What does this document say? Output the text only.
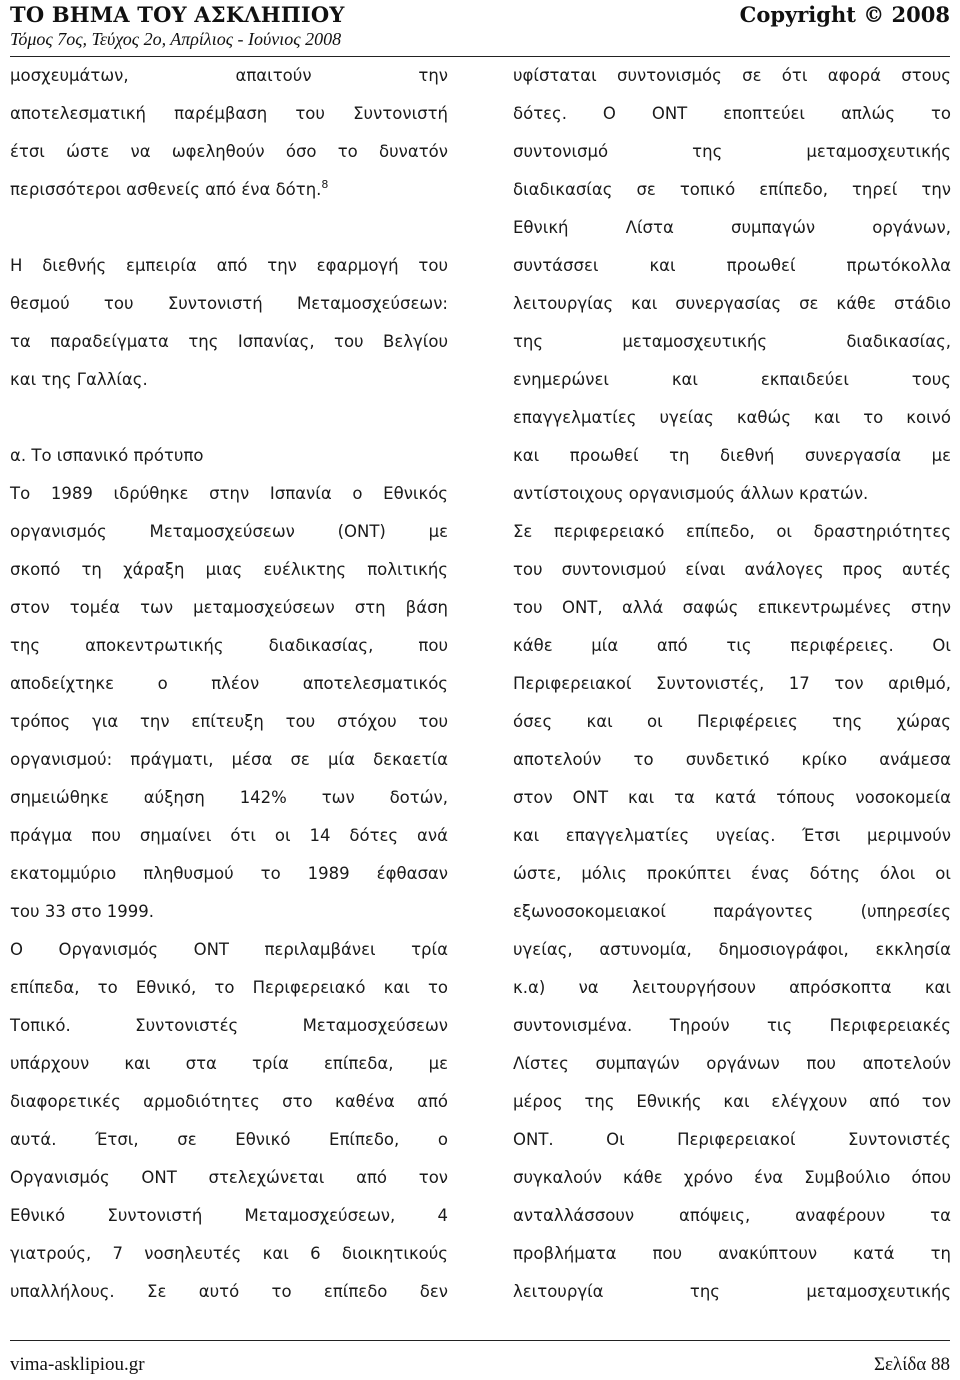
ΤΟ ΒΗΜΑ ΤΟΥ ΑΣΚΛΗΠΙΟΥ
Τόμος 7ος, Τεύχος 2ο, Απρίλιος - Ιούνιος 2008
Copyright © 2008
μοσχευμάτων, απαιτούν την
αποτελεσματική παρέμβαση του Συντονιστή
έτσι ώστε να ωφεληθούν όσο το δυνατόν
περισσότεροι ασθενείς από ένα δότη.$^8$
Η διεθνής εμπειρία από την εφαρμογή του
θεσμού του Συντονιστή Μεταμοσχεύσεων:
τα παραδείγματα της Ισπανίας, του Βελγίου
και της Γαλλίας.
α. Το ισπανικό πρότυπο
Το 1989 ιδρύθηκε στην Ισπανία ο Εθνικός
οργανισμός Μεταμοσχεύσεων (ΟΝΤ) με
σκοπό τη χάραξη μιας ευέλικτης πολιτικής
στον τομέα των μεταμοσχεύσεων στη βάση
της αποκεντρωτικής διαδικασίας, που
αποδείχτηκε ο πλέον αποτελεσματικός
τρόπος για την επίτευξη του στόχου του
οργανισμού: πράγματι, μέσα σε μία δεκαετία
σημειώθηκε αύξηση 142% των δοτών,
πράγμα που σημαίνει ότι οι 14 δότες ανά
εκατομμύριο πληθυσμού το 1989 έφθασαν
του 33 στο 1999.
Ο Οργανισμός ΟΝΤ περιλαμβάνει τρία
επίπεδα, το Εθνικό, το Περιφερειακό και το
Τοπικό. Συντονιστές Μεταμοσχεύσεων
υπάρχουν και στα τρία επίπεδα, με
διαφορετικές αρμοδιότητες στο καθένα από
αυτά. Έτσι, σε Εθνικό Επίπεδο, ο
Οργανισμός ΟΝΤ στελεχώνεται από τον
Εθνικό Συντονιστή Μεταμοσχεύσεων, 4
γιατρούς, 7 νοσηλευτές και 6 διοικητικούς
υπαλλήλους. Σε αυτό το επίπεδο δεν
υφίσταται συντονισμός σε ότι αφορά στους
δότες. Ο ΟΝΤ εποπτεύει απλώς το
συντονισμό της μεταμοσχευτικής
διαδικασίας σε τοπικό επίπεδο, τηρεί την
Εθνική Λίστα συμπαγών οργάνων,
συντάσσει και προωθεί πρωτόκολλα
λειτουργίας και συνεργασίας σε κάθε στάδιο
της μεταμοσχευτικής διαδικασίας,
ενημερώνει και εκπαιδεύει τους
επαγγελματίες υγείας καθώς και το κοινό
και προωθεί τη διεθνή συνεργασία με
αντίστοιχους οργανισμούς άλλων κρατών.
Σε περιφερειακό επίπεδο, οι δραστηριότητες
του συντονισμού είναι ανάλογες προς αυτές
του ΟΝΤ, αλλά σαφώς επικεντρωμένες στην
κάθε μία από τις περιφέρειες. Οι
Περιφερειακοί Συντονιστές, 17 τον αριθμό,
όσες και οι Περιφέρειες της χώρας
αποτελούν το συνδετικό κρίκο ανάμεσα
στον ΟΝΤ και τα κατά τόπους νοσοκομεία
και επαγγελματίες υγείας. Έτσι μεριμνούν
ώστε, μόλις προκύπτει ένας δότης όλοι οι
εξωνοσοκομειακοί παράγοντες (υπηρεσίες
υγείας, αστυνομία, δημοσιογράφοι, εκκλησία
κ.α) να λειτουργήσουν απρόσκοπτα και
συντονισμένα. Τηρούν τις Περιφερειακές
Λίστες συμπαγών οργάνων που αποτελούν
μέρος της Εθνικής και ελέγχουν από τον
ΟΝΤ. Οι Περιφερειακοί Συντονιστές
συγκαλούν κάθε χρόνο ένα Συμβούλιο όπου
ανταλλάσσουν απόψεις, αναφέρουν τα
προβλήματα που ανακύπτουν κατά τη
λειτουργία της μεταμοσχευτικής
vima-asklipiou.gr	Σελίδα 88
